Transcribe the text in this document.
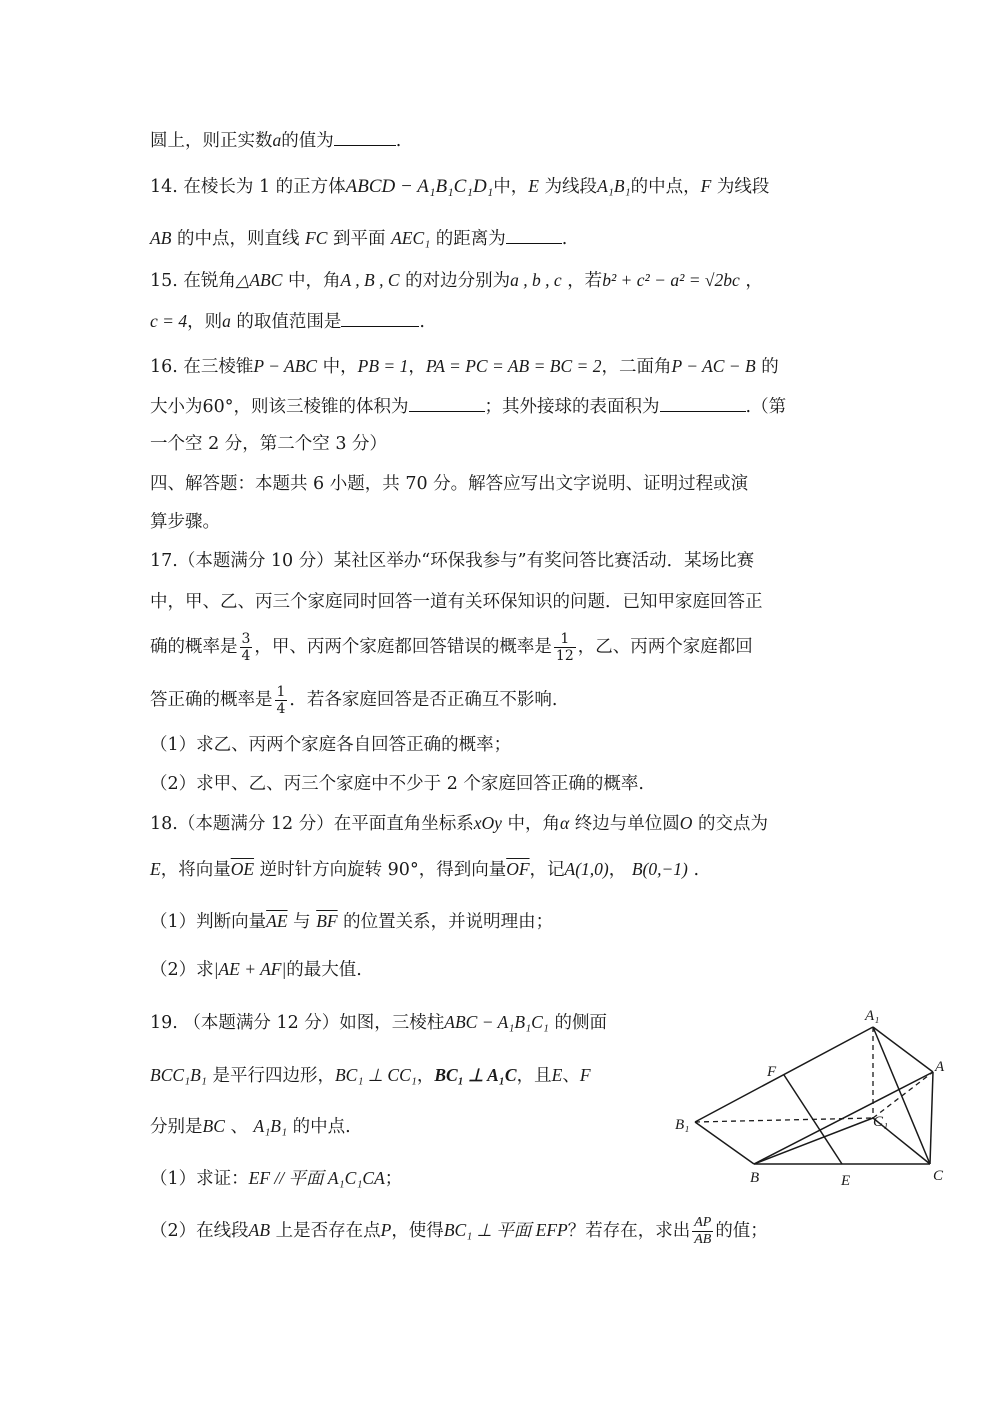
圆上，则正实数a的值为	.
14. 在棱长为 1 的正方体ABCD − A₁B₁C₁D₁中，E 为线段A₁B₁的中点，F 为线段
AB 的中点，则直线 FC 到平面 AEC₁ 的距离为	.
15. 在锐角△ABC 中，角A , B , C 的对边分别为a , b , c ，若b² + c² − a² = √2bc ，
c = 4，则a 的取值范围是	.
16. 在三棱锥P − ABC 中，PB = 1，PA = PC = AB = BC = 2，二面角P − AC − B 的
大小为60°，则该三棱锥的体积为	；其外接球的表面积为	.（第
一个空 2 分，第二个空 3 分）
四、解答题：本题共 6 小题，共 70 分。解答应写出文字说明、证明过程或演
算步骤。
17.（本题满分 10 分）某社区举办“环保我参与”有奖问答比赛活动．某场比赛
中，甲、乙、丙三个家庭同时回答一道有关环保知识的问题．已知甲家庭回答正
确的概率是 $\frac{3}{4}$ ，甲、丙两个家庭都回答错误的概率是 $\frac{1}{12}$ ，乙、丙两个家庭都回
答正确的概率是 $\frac{1}{4}$ ．若各家庭回答是否正确互不影响.
（1）求乙、丙两个家庭各自回答正确的概率；
（2）求甲、乙、丙三个家庭中不少于 2 个家庭回答正确的概率.
18.（本题满分 12 分）在平面直角坐标系xOy 中，角α 终边与单位圆O 的交点为
E，将向量$\overline{OE}$ 逆时针方向旋转 90°，得到向量$\overline{OF}$，记A(1,0)， B(0,−1) .
（1）判断向量$\overline{AE}$ 与 $\overline{BF}$ 的位置关系，并说明理由；
（2）求|AE + AF|的最大值.
19. （本题满分 12 分）如图，三棱柱ABC − A₁B₁C₁ 的侧面
BCC₁B₁ 是平行四边形，BC₁ ⊥ CC₁，BC₁ ⊥ A₁C，且E、F
分别是BC 、 A₁B₁ 的中点.
（1）求证：EF // 平面 A₁C₁CA；
（2）在线段AB 上是否存在点P，使得BC₁ ⊥ 平面 EFP？若存在，求出 $\frac{AP}{AB}$ 的值；
A₁
A
F
B₁	C₁
B	E	C
